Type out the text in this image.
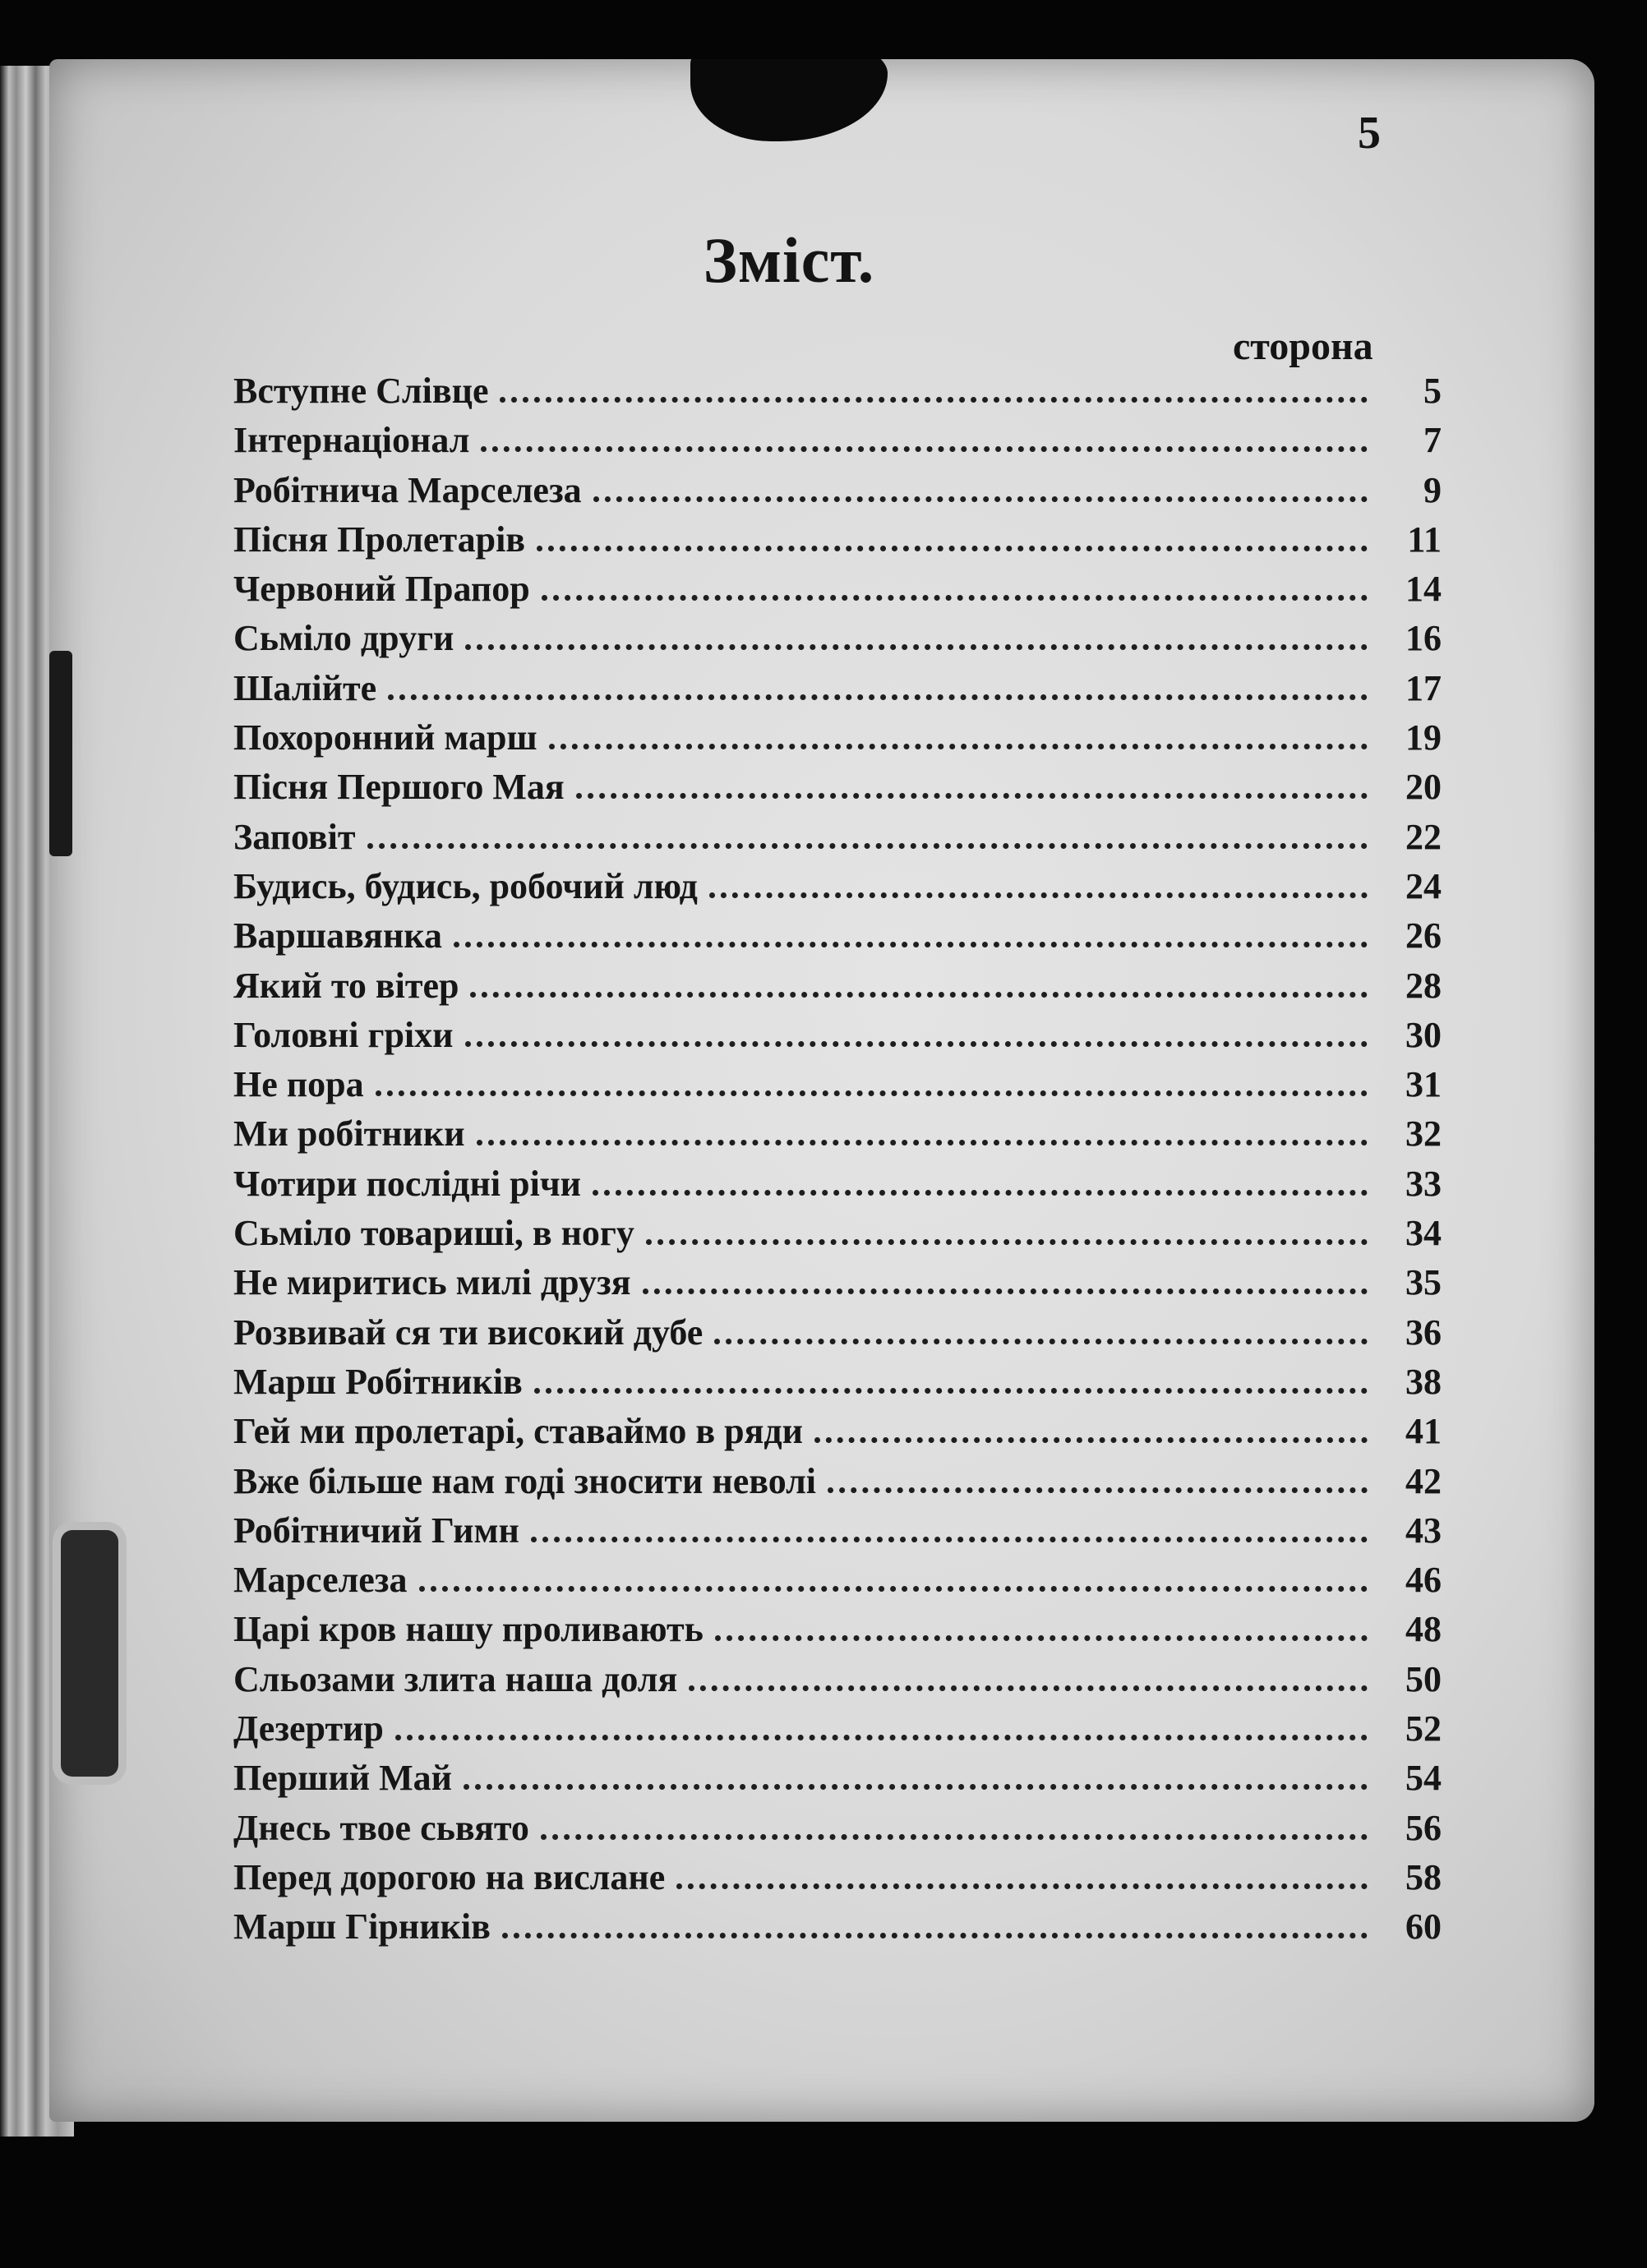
5
Зміст.
сторона
Вступне Слівце	5
Інтернаціонал	7
Робітнича Марселеза	9
Пісня Пролетарів	11
Червоний Прапор	14
Сьміло други	16
Шалійте	17
Похоронний марш	19
Пісня Першого Мая	20
Заповіт	22
Будись, будись, робочий люд	24
Варшавянка	26
Який то вітер	28
Головні гріхи	30
Не пора	31
Ми робітники	32
Чотири послідні річи	33
Сьміло товариші, в ногу	34
Не миритись милі друзя	35
Розвивай ся ти високий дубе	36
Марш Робітників	38
Гей ми пролетарі, ставаймо в ряди	41
Вже більше нам годі зносити неволі	42
Робітничий Гимн	43
Марселеза	46
Царі кров нашу проливають	48
Сльозами злита наша доля	50
Дезертир	52
Перший Май	54
Днесь твое сьвято	56
Перед дорогою на вислане	58
Марш Гірників	60
